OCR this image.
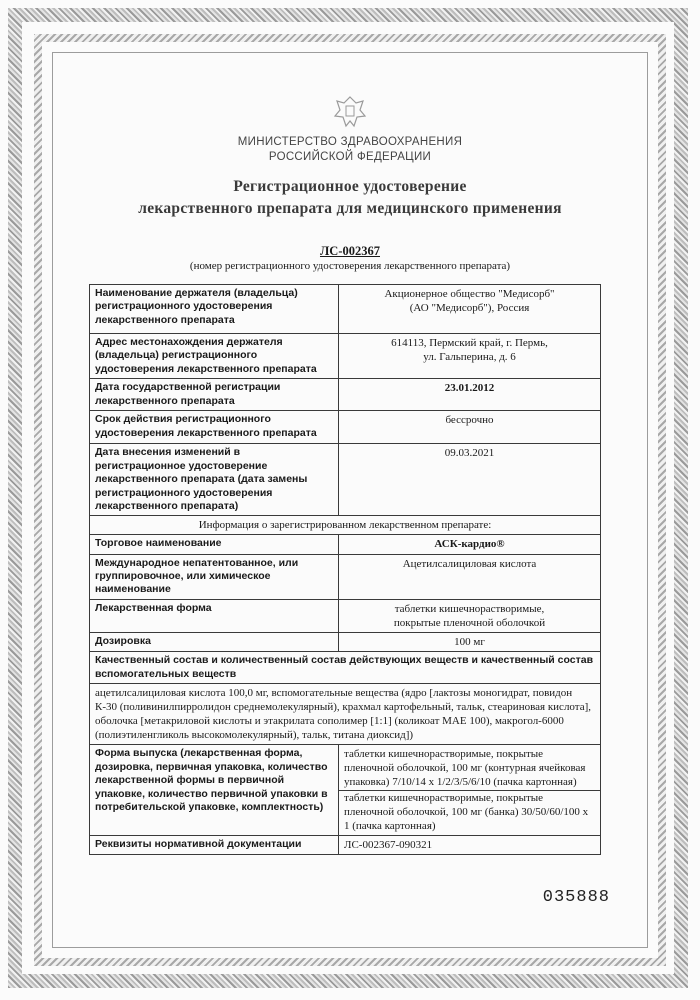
МИНИСТЕРСТВО ЗДРАВООХРАНЕНИЯ
РОССИЙСКОЙ ФЕДЕРАЦИИ
Регистрационное удостоверение
лекарственного препарата для медицинского применения
ЛС-002367
(номер регистрационного удостоверения лекарственного препарата)
Наименование держателя (владельца) регистрационного удостоверения лекарственного препарата	Акционерное общество "Медисорб"
(АО "Медисорб"), Россия
Адрес местонахождения держателя (владельца) регистрационного удостоверения лекарственного препарата	614113, Пермский край, г. Пермь,
ул. Гальперина, д. 6
Дата государственной регистрации лекарственного препарата	23.01.2012
Срок действия регистрационного удостоверения лекарственного препарата	бессрочно
Дата внесения изменений в регистрационное удостоверение лекарственного препарата (дата замены регистрационного удостоверения лекарственного препарата)	09.03.2021
Информация о зарегистрированном лекарственном препарате:	
Торговое наименование	АСК-кардио®
Международное непатентованное, или группировочное, или химическое наименование	Ацетилсалициловая кислота
Лекарственная форма	таблетки кишечнорастворимые,
покрытые пленочной оболочкой
Дозировка	100 мг
Качественный состав и количественный состав действующих веществ и качественный состав вспомогательных веществ	
ацетилсалициловая кислота 100,0 мг, вспомогательные вещества (ядро [лактозы моногидрат, повидон К-30 (поливинилпирролидон среднемолекулярный), крахмал картофельный, тальк, стеариновая кислота], оболочка [метакриловой кислоты и этакрилата сополимер [1:1] (коликоат МАЕ 100), макрогол-6000 (полиэтиленгликоль высокомолекулярный), тальк, титана диоксид])	
Форма выпуска (лекарственная форма, дозировка, первичная упаковка, количество лекарственной формы в первичной упаковке, количество первичной упаковки в потребительской упаковке, комплектность)	таблетки кишечнорастворимые, покрытые пленочной оболочкой, 100 мг (контурная ячейковая упаковка) 7/10/14 х 1/2/3/5/6/10 (пачка картонная)
таблетки кишечнорастворимые, покрытые пленочной оболочкой, 100 мг (банка) 30/50/60/100 х 1 (пачка картонная)

Реквизиты нормативной документации	ЛС-002367-090321
035888
